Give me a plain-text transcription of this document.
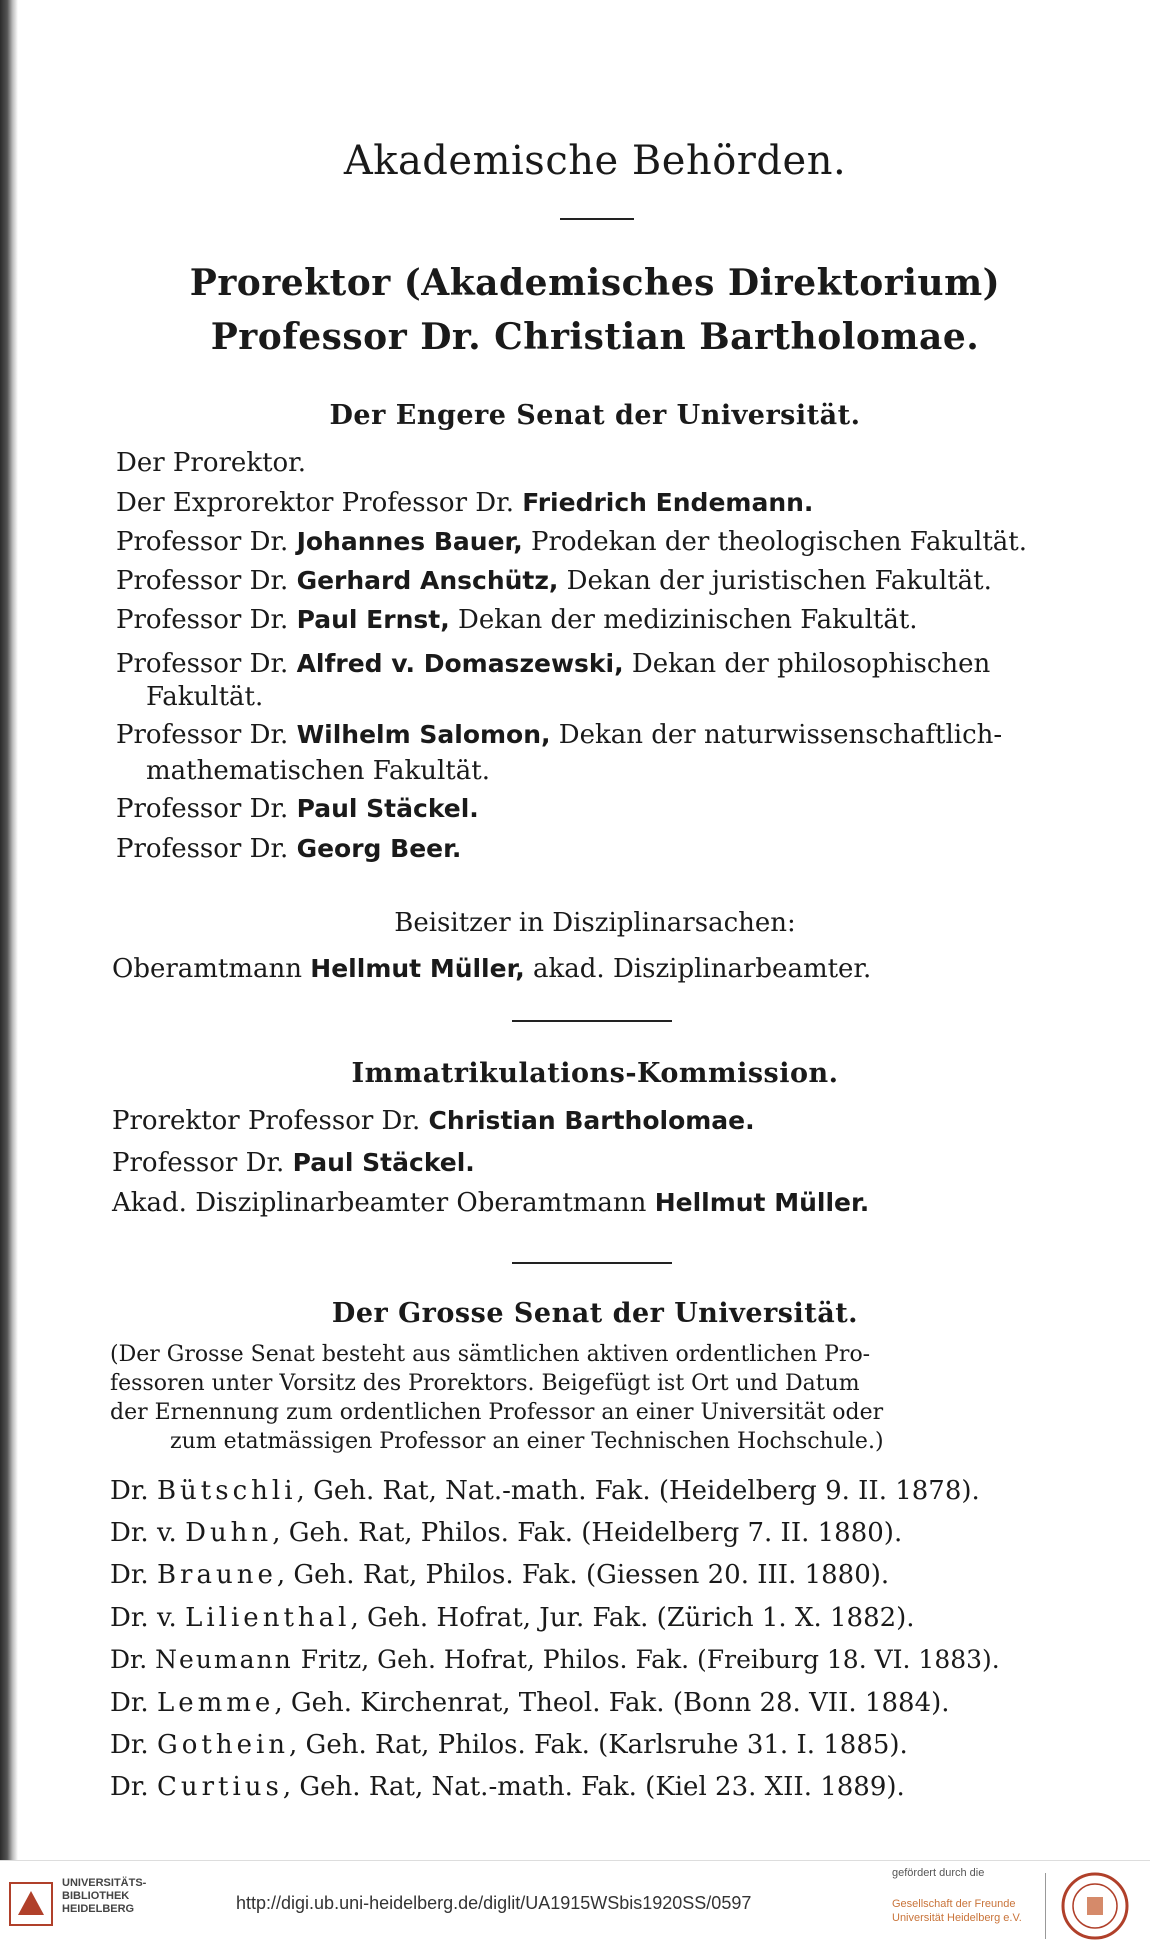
Akademische Behörden.
Prorektor (Akademisches Direktorium)
Professor Dr. Christian Bartholomae.
Der Engere Senat der Universität.
Der Prorektor.
Der Exprorektor Professor Dr. Friedrich Endemann.
Professor Dr. Johannes Bauer, Prodekan der theologischen Fakultät.
Professor Dr. Gerhard Anschütz, Dekan der juristischen Fakultät.
Professor Dr. Paul Ernst, Dekan der medizinischen Fakultät.
Professor Dr. Alfred v. Domaszewski, Dekan der philosophischen
Fakultät.
Professor Dr. Wilhelm Salomon, Dekan der naturwissenschaftlich-
mathematischen Fakultät.
Professor Dr. Paul Stäckel.
Professor Dr. Georg Beer.
Beisitzer in Disziplinarsachen:
Oberamtmann Hellmut Müller, akad. Disziplinarbeamter.
Immatrikulations-Kommission.
Prorektor Professor Dr. Christian Bartholomae.
Professor Dr. Paul Stäckel.
Akad. Disziplinarbeamter Oberamtmann Hellmut Müller.
Der Grosse Senat der Universität.
(Der Grosse Senat besteht aus sämtlichen aktiven ordentlichen Pro-
fessoren unter Vorsitz des Prorektors. Beigefügt ist Ort und Datum
der Ernennung zum ordentlichen Professor an einer Universität oder
zum etatmässigen Professor an einer Technischen Hochschule.)
Dr. Bütschli, Geh. Rat, Nat.-math. Fak. (Heidelberg 9. II. 1878).
Dr. v. Duhn, Geh. Rat, Philos. Fak. (Heidelberg 7. II. 1880).
Dr. Braune, Geh. Rat, Philos. Fak. (Giessen 20. III. 1880).
Dr. v. Lilienthal, Geh. Hofrat, Jur. Fak. (Zürich 1. X. 1882).
Dr. Neumann Fritz, Geh. Hofrat, Philos. Fak. (Freiburg 18. VI. 1883).
Dr. Lemme, Geh. Kirchenrat, Theol. Fak. (Bonn 28. VII. 1884).
Dr. Gothein, Geh. Rat, Philos. Fak. (Karlsruhe 31. I. 1885).
Dr. Curtius, Geh. Rat, Nat.-math. Fak. (Kiel 23. XII. 1889).
UNIVERSITÄTS-
BIBLIOTHEK
HEIDELBERG	http://digi.ub.uni-heidelberg.de/diglit/UA1915WSbis1920SS/0597
gefördert durch die
Gesellschaft der Freunde
Universität Heidelberg e.V.
